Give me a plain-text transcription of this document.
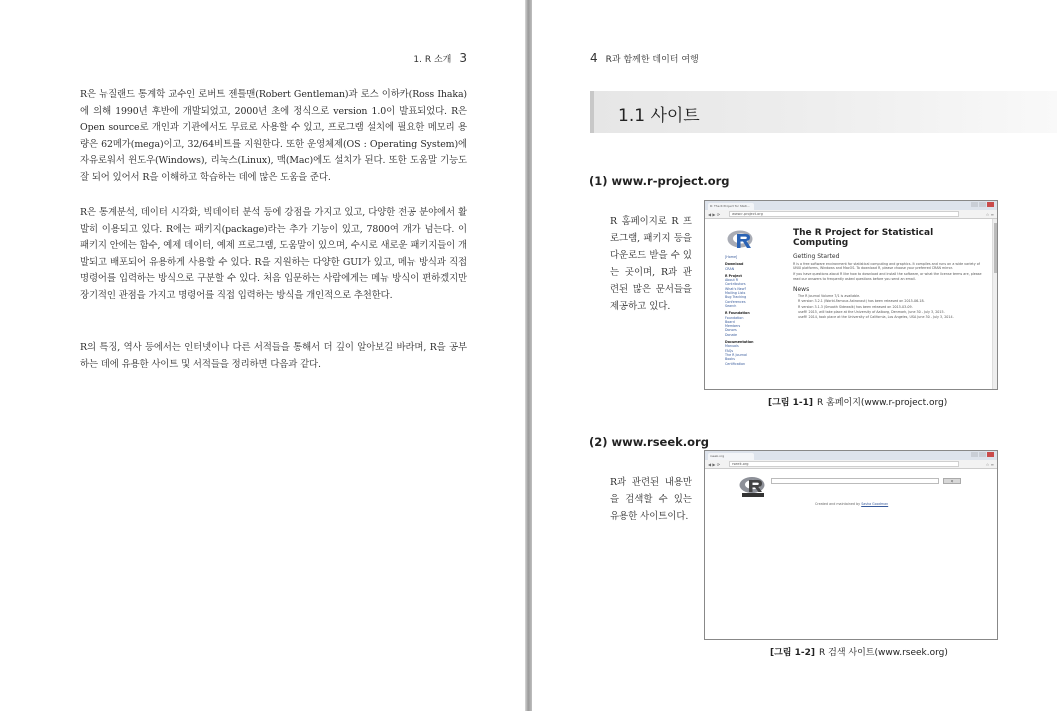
1. R 소개 3
R은 뉴질랜드 통계학 교수인 로버트 젠틀맨(Robert Gentleman)과 로스 이하카(Ross Ihaka)에 의해 1990년 후반에 개발되었고, 2000년 초에 정식으로 version 1.0이 발표되었다. R은 Open source로 개인과 기관에서도 무료로 사용할 수 있고, 프로그램 설치에 필요한 메모리 용량은 62메가(mega)이고, 32/64비트를 지원한다. 또한 운영체제(OS : Operating System)에 자유로워서 윈도우(Windows), 리눅스(Linux), 맥(Mac)에도 설치가 된다. 또한 도움말 기능도 잘 되어 있어서 R을 이해하고 학습하는 데에 많은 도움을 준다.
R은 통계분석, 데이터 시각화, 빅데이터 분석 등에 강점을 가지고 있고, 다양한 전공 분야에서 활발히 이용되고 있다. R에는 패키지(package)라는 추가 기능이 있고, 7800여 개가 넘는다. 이 패키지 안에는 함수, 예제 데이터, 예제 프로그램, 도움말이 있으며, 수시로 새로운 패키지들이 개발되고 배포되어 유용하게 사용할 수 있다. R을 지원하는 다양한 GUI가 있고, 메뉴 방식과 직접 명령어를 입력하는 방식으로 구분할 수 있다. 처음 입문하는 사람에게는 메뉴 방식이 편하겠지만 장기적인 관점을 가지고 명령어를 직접 입력하는 방식을 개인적으로 추천한다.
R의 특징, 역사 등에서는 인터넷이나 다른 서적들을 통해서 더 깊이 알아보길 바라며, R을 공부하는 데에 유용한 사이트 및 서적들을 정리하면 다음과 같다.
4 R과 함께한 데이터 여행
1.1 사이트
(1) www.r-project.org
R 홈페이지로 R 프로그램, 패키지 등을 다운로드 받을 수 있는 곳이며, R과 관련된 많은 문서들을 제공하고 있다.
R: The R Project for Stati...
◀ ▶ ⟳	www.r-project.org	☆ ≡
[Home]
Download
CRAN
R Project
About R
Contributors
What's New?
Mailing Lists
Bug Tracking
Conferences
Search
R Foundation
Foundation
Board
Members
Donors
Donate
Documentation
Manuals
FAQs
The R Journal
Books
Certification
The R Project for Statistical Computing
Getting Started
R is a free software environment for statistical computing and graphics. It compiles and runs on a wide variety of UNIX platforms, Windows and MacOS. To download R, please choose your preferred CRAN mirror.
If you have questions about R like how to download and install the software, or what the license terms are, please read our answers to frequently asked questions before you send an email.
News
The R Journal Volume 7/1 is available.
R version 3.2.1 (World-Famous Astronaut) has been released on 2015-06-18.
R version 3.1.3 (Smooth Sidewalk) has been released on 2015-03-09.
useR! 2015, will take place at the University of Aalborg, Denmark, June 30 - July 3, 2015.
useR! 2014, took place at the University of California, Los Angeles, USA June 30 - July 3, 2014.
[그림 1-1] R 홈페이지(www.r-project.org)
(2) www.rseek.org
R과 관련된 내용만을 검색할 수 있는 유용한 사이트이다.
rseek.org
◀ ▶ ⟳	rseek.org	☆ ≡
Q
Created and maintained by Sasha Goodman
[그림 1-2] R 검색 사이트(www.rseek.org)
